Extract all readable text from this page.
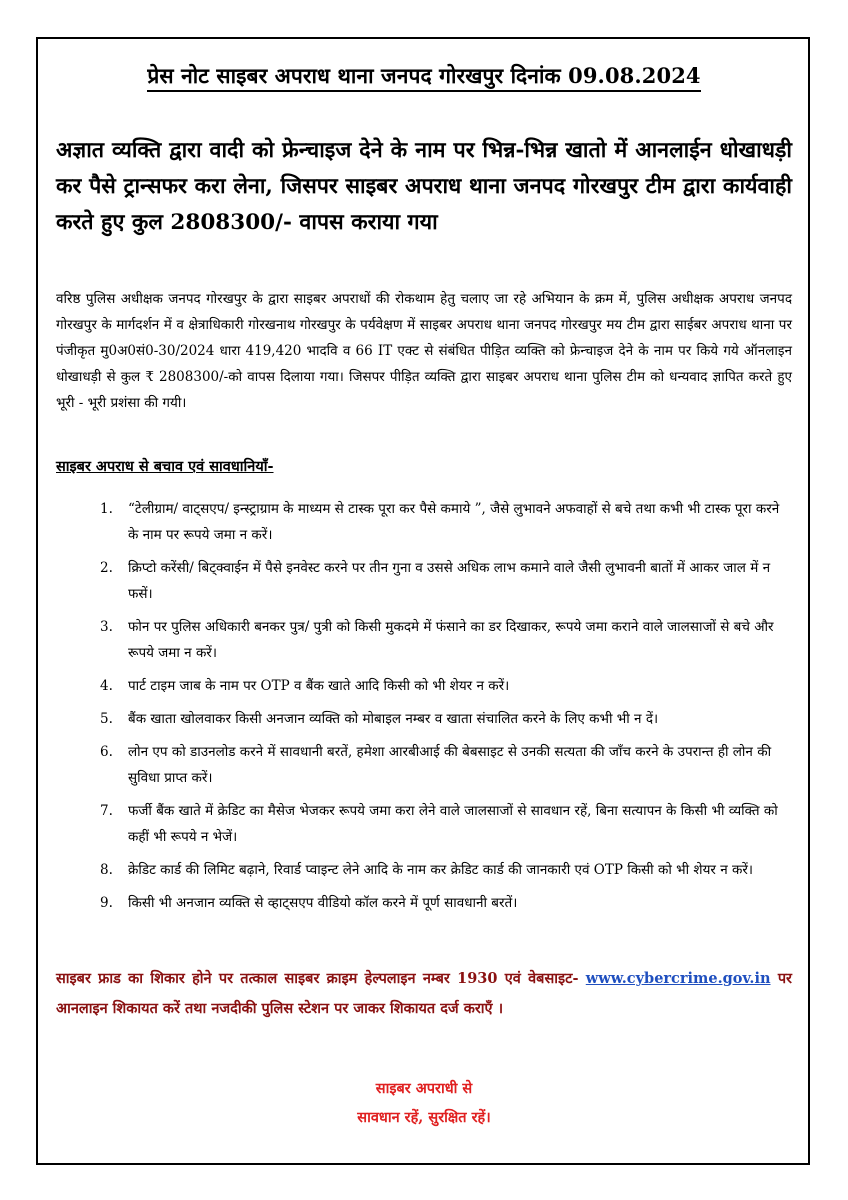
प्रेस नोट साइबर अपराध थाना जनपद गोरखपुर दिनांक 09.08.2024
अज्ञात व्यक्ति द्वारा वादी को फ्रेन्चाइज देने के नाम पर भिन्न-भिन्न खातो में आनलाईन धोखाधड़ी कर पैसे ट्रान्सफर करा लेना, जिसपर साइबर अपराध थाना जनपद गोरखपुर टीम द्वारा कार्यवाही करते हुए कुल 2808300/- वापस कराया गया
वरिष्ठ पुलिस अधीक्षक जनपद गोरखपुर के द्वारा साइबर अपराधों की रोकथाम हेतु चलाए जा रहे अभियान के क्रम में, पुलिस अधीक्षक अपराध जनपद गोरखपुर के मार्गदर्शन में व क्षेत्राधिकारी गोरखनाथ गोरखपुर के पर्यवेक्षण में साइबर अपराध थाना जनपद गोरखपुर मय टीम द्वारा साईबर अपराध थाना पर पंजीकृत मु0अ0सं0-30/2024 धारा 419,420 भादवि व 66 IT एक्ट से संबंधित पीड़ित व्यक्ति को फ्रेन्चाइज देने के नाम पर किये गये ऑनलाइन धोखाधड़ी से कुल ₹ 2808300/-को वापस दिलाया गया। जिसपर पीड़ित व्यक्ति द्वारा साइबर अपराध थाना पुलिस टीम को धन्यवाद ज्ञापित करते हुए भूरी - भूरी प्रशंसा की गयी।
साइबर अपराध से बचाव एवं सावधानियाँ-
1. “टेलीग्राम/ वाट्सएप/ इन्स्ट्राग्राम के माध्यम से टास्क पूरा कर पैसे कमाये ”, जैसे लुभावने अफवाहों से बचे तथा कभी भी टास्क पूरा करने के नाम पर रूपये जमा न करें।
2. क्रिप्टो करेंसी/ बिट्क्वाईन में पैसे इनवेस्ट करने पर तीन गुना व उससे अधिक लाभ कमाने वाले जैसी लुभावनी बातों में आकर जाल में न फसें।
3. फोन पर पुलिस अधिकारी बनकर पुत्र/ पुत्री को किसी मुकदमे में फंसाने का डर दिखाकर, रूपये जमा कराने वाले जालसाजों से बचे और रूपये जमा न करें।
4. पार्ट टाइम जाब के नाम पर OTP व बैंक खाते आदि किसी को भी शेयर न करें।
5. बैंक खाता खोलवाकर किसी अनजान व्यक्ति को मोबाइल नम्बर व खाता संचालित करने के लिए कभी भी न दें।
6. लोन एप को डाउनलोड करने में सावधानी बरतें, हमेशा आरबीआई की बेबसाइट से उनकी सत्यता की जाँच करने के उपरान्त ही लोन की सुविधा प्राप्त करें।
7. फर्जी बैंक खाते में क्रेडिट का मैसेज भेजकर रूपये जमा करा लेने वाले जालसाजों से सावधान रहें, बिना सत्यापन के किसी भी व्यक्ति को कहीं भी रूपये न भेजें।
8. क्रेडिट कार्ड की लिमिट बढ़ाने, रिवार्ड प्वाइन्ट लेने आदि के नाम कर क्रेडिट कार्ड की जानकारी एवं OTP किसी को भी शेयर न करें।
9. किसी भी अनजान व्यक्ति से व्हाट्सएप वीडियो कॉल करने में पूर्ण सावधानी बरतें।
साइबर फ्राड का शिकार होने पर तत्काल साइबर क्राइम हेल्पलाइन नम्बर 1930 एवं वेबसाइट- www.cybercrime.gov.in पर आनलाइन शिकायत करें तथा नजदीकी पुलिस स्टेशन पर जाकर शिकायत दर्ज कराएँ ।
साइबर अपराधी से
सावधान रहें, सुरक्षित रहें।
